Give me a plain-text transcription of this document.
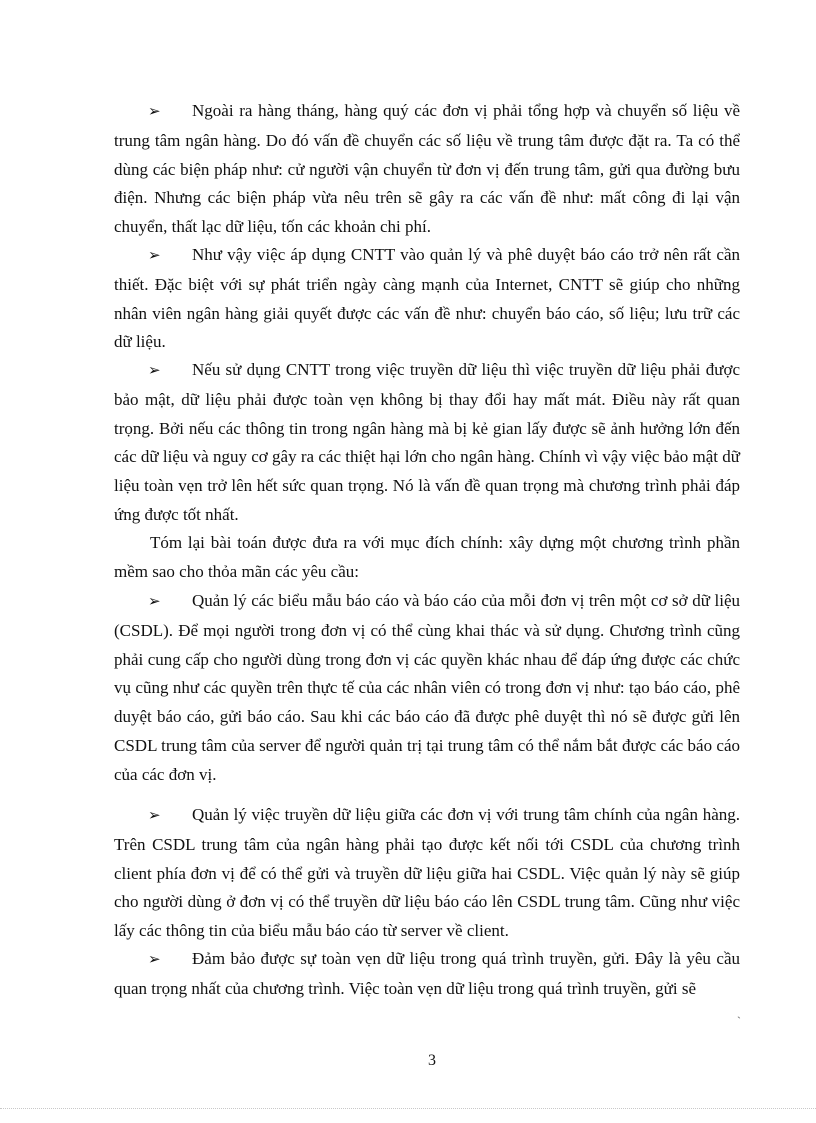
➢ Ngoài ra hàng tháng, hàng quý các đơn vị phải tổng hợp và chuyển số liệu về trung tâm ngân hàng. Do đó vấn đề chuyển các số liệu về trung tâm được đặt ra. Ta có thể dùng các biện pháp như: cử người vận chuyển từ đơn vị đến trung tâm, gửi qua đường bưu điện. Nhưng các biện pháp vừa nêu trên sẽ gây ra các vấn đề như: mất công đi lại vận chuyển, thất lạc dữ liệu, tốn các khoản chi phí.

➢ Như vậy việc áp dụng CNTT vào quản lý và phê duyệt báo cáo trở nên rất cần thiết. Đặc biệt với sự phát triển ngày càng mạnh của Internet, CNTT sẽ giúp cho những nhân viên ngân hàng giải quyết được các vấn đề như: chuyển báo cáo, số liệu; lưu trữ các dữ liệu.

➢ Nếu sử dụng CNTT trong việc truyền dữ liệu thì việc truyền dữ liệu phải được bảo mật, dữ liệu phải được toàn vẹn không bị thay đổi hay mất mát. Điều này rất quan trọng. Bởi nếu các thông tin trong ngân hàng mà bị kẻ gian lấy được sẽ ảnh hưởng lớn đến các dữ liệu và nguy cơ gây ra các thiệt hại lớn cho ngân hàng. Chính vì vậy việc bảo mật dữ liệu toàn vẹn trở lên hết sức quan trọng. Nó là vấn đề quan trọng mà chương trình phải đáp ứng được tốt nhất.

Tóm lại bài toán được đưa ra với mục đích chính: xây dựng một chương trình phần mềm sao cho thỏa mãn các yêu cầu:

➢ Quản lý các biểu mẫu báo cáo và báo cáo của mỗi đơn vị trên một cơ sở dữ liệu (CSDL). Để mọi người trong đơn vị có thể cùng khai thác và sử dụng. Chương trình cũng phải cung cấp cho người dùng trong đơn vị các quyền khác nhau để đáp ứng được các chức vụ cũng như các quyền trên thực tế của các nhân viên có trong đơn vị như: tạo báo cáo, phê duyệt báo cáo, gửi báo cáo. Sau khi các báo cáo đã được phê duyệt thì nó sẽ được gửi lên CSDL trung tâm của server để người quản trị tại trung tâm có thể nắm bắt được các báo cáo của các đơn vị.

➢ Quản lý việc truyền dữ liệu giữa các đơn vị với trung tâm chính của ngân hàng. Trên CSDL trung tâm của ngân hàng phải tạo được kết nối tới CSDL của chương trình client phía đơn vị để có thể gửi và truyền dữ liệu giữa hai CSDL. Việc quản lý này sẽ giúp cho người dùng ở đơn vị có thể truyền dữ liệu báo cáo lên CSDL trung tâm. Cũng như việc lấy các thông tin của biểu mẫu báo cáo từ server về client.

➢ Đảm bảo được sự toàn vẹn dữ liệu trong quá trình truyền, gửi. Đây là yêu cầu quan trọng nhất của chương trình. Việc toàn vẹn dữ liệu trong quá trình truyền, gửi sẽ

`
3
